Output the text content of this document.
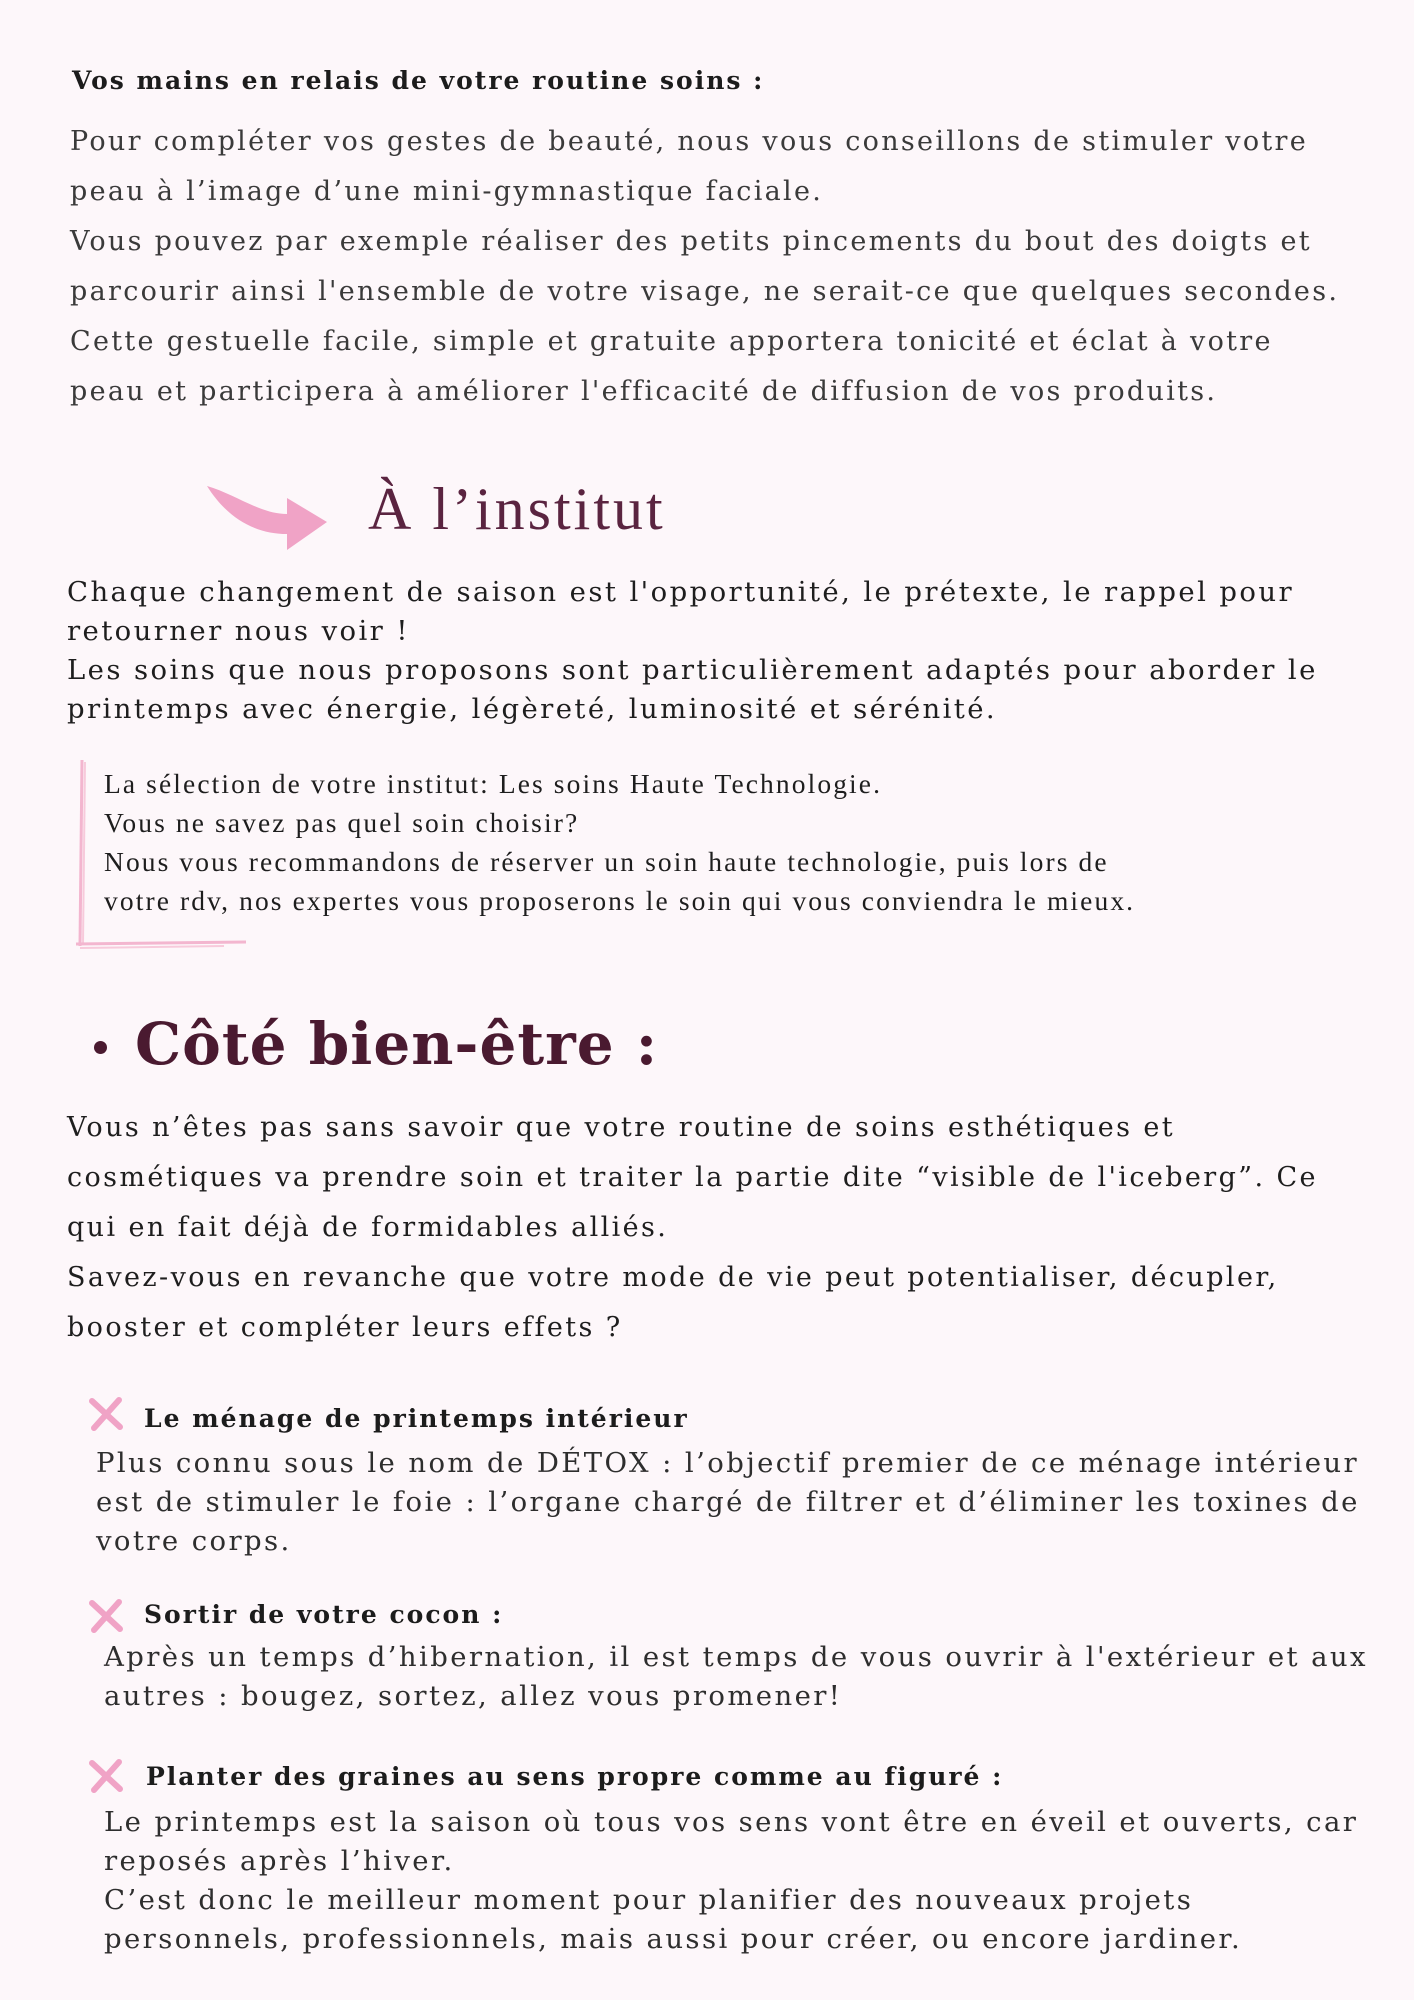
Vos mains en relais de votre routine soins :

Pour compléter vos gestes de beauté, nous vous conseillons de stimuler votre

peau à l’image d’une mini-gymnastique faciale.

Vous pouvez par exemple réaliser des petits pincements du bout des doigts et

parcourir ainsi l'ensemble de votre visage, ne serait-ce que quelques secondes.

Cette gestuelle facile, simple et gratuite apportera tonicité et éclat à votre

peau et participera à améliorer l'efficacité de diffusion de vos produits.

À l’institut

Chaque changement de saison est l'opportunité, le prétexte, le rappel pour

retourner nous voir !

Les soins que nous proposons sont particulièrement adaptés pour aborder le

printemps avec énergie, légèreté, luminosité et sérénité.

La sélection de votre institut: Les soins Haute Technologie.

Vous ne savez pas quel soin choisir?

Nous vous recommandons de réserver un soin haute technologie, puis lors de

votre rdv, nos expertes vous proposerons le soin qui vous conviendra le mieux.

Côté bien-être :

Vous n’êtes pas sans savoir que votre routine de soins esthétiques et

cosmétiques va prendre soin et traiter la partie dite “visible de l'iceberg”. Ce

qui en fait déjà de formidables alliés.

Savez-vous en revanche que votre mode de vie peut potentialiser, décupler,

booster et compléter leurs effets ?

Le ménage de printemps intérieur

Plus connu sous le nom de DÉTOX : l’objectif premier de ce ménage intérieur

est de stimuler le foie : l’organe chargé de filtrer et d’éliminer les toxines de

votre corps.

Sortir de votre cocon :

Après un temps d’hibernation, il est temps de vous ouvrir à l'extérieur et aux

autres : bougez, sortez, allez vous promener!

Planter des graines au sens propre comme au figuré :

Le printemps est la saison où tous vos sens vont être en éveil et ouverts, car

reposés après l’hiver.

C’est donc le meilleur moment pour planifier des nouveaux projets

personnels, professionnels, mais aussi pour créer, ou encore jardiner.
